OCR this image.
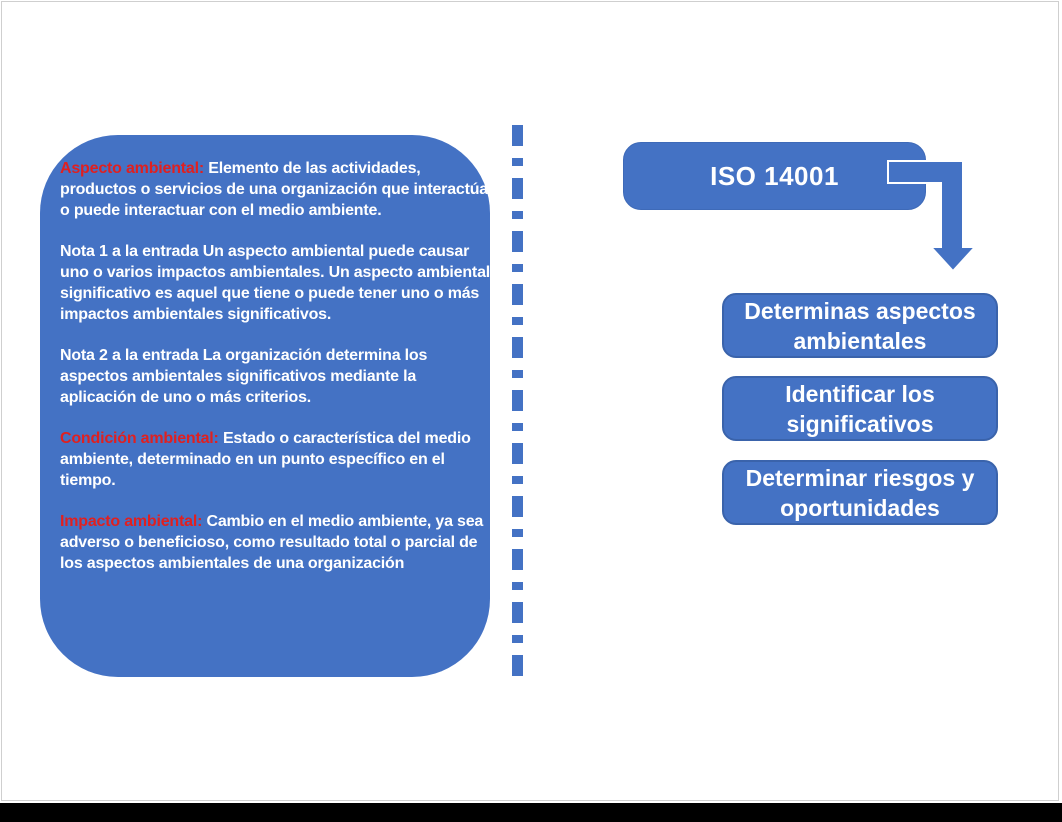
Aspecto ambiental: Elemento de las actividades, productos o servicios de una organización que interactúa o puede interactuar con el medio ambiente.

Nota 1 a la entrada Un aspecto ambiental puede causar uno o varios impactos ambientales. Un aspecto ambiental significativo es aquel que tiene o puede tener uno o más impactos ambientales significativos.

Nota 2 a la entrada La organización determina los aspectos ambientales significativos mediante la aplicación de uno o más criterios.

Condición ambiental: Estado o característica del medio ambiente, determinado en un punto específico en el tiempo.

Impacto ambiental: Cambio en el medio ambiente, ya sea adverso o beneficioso, como resultado total o parcial de los aspectos ambientales de una organización

ISO 14001
Determinas aspectos ambientales
Identificar los significativos
Determinar riesgos y oportunidades
